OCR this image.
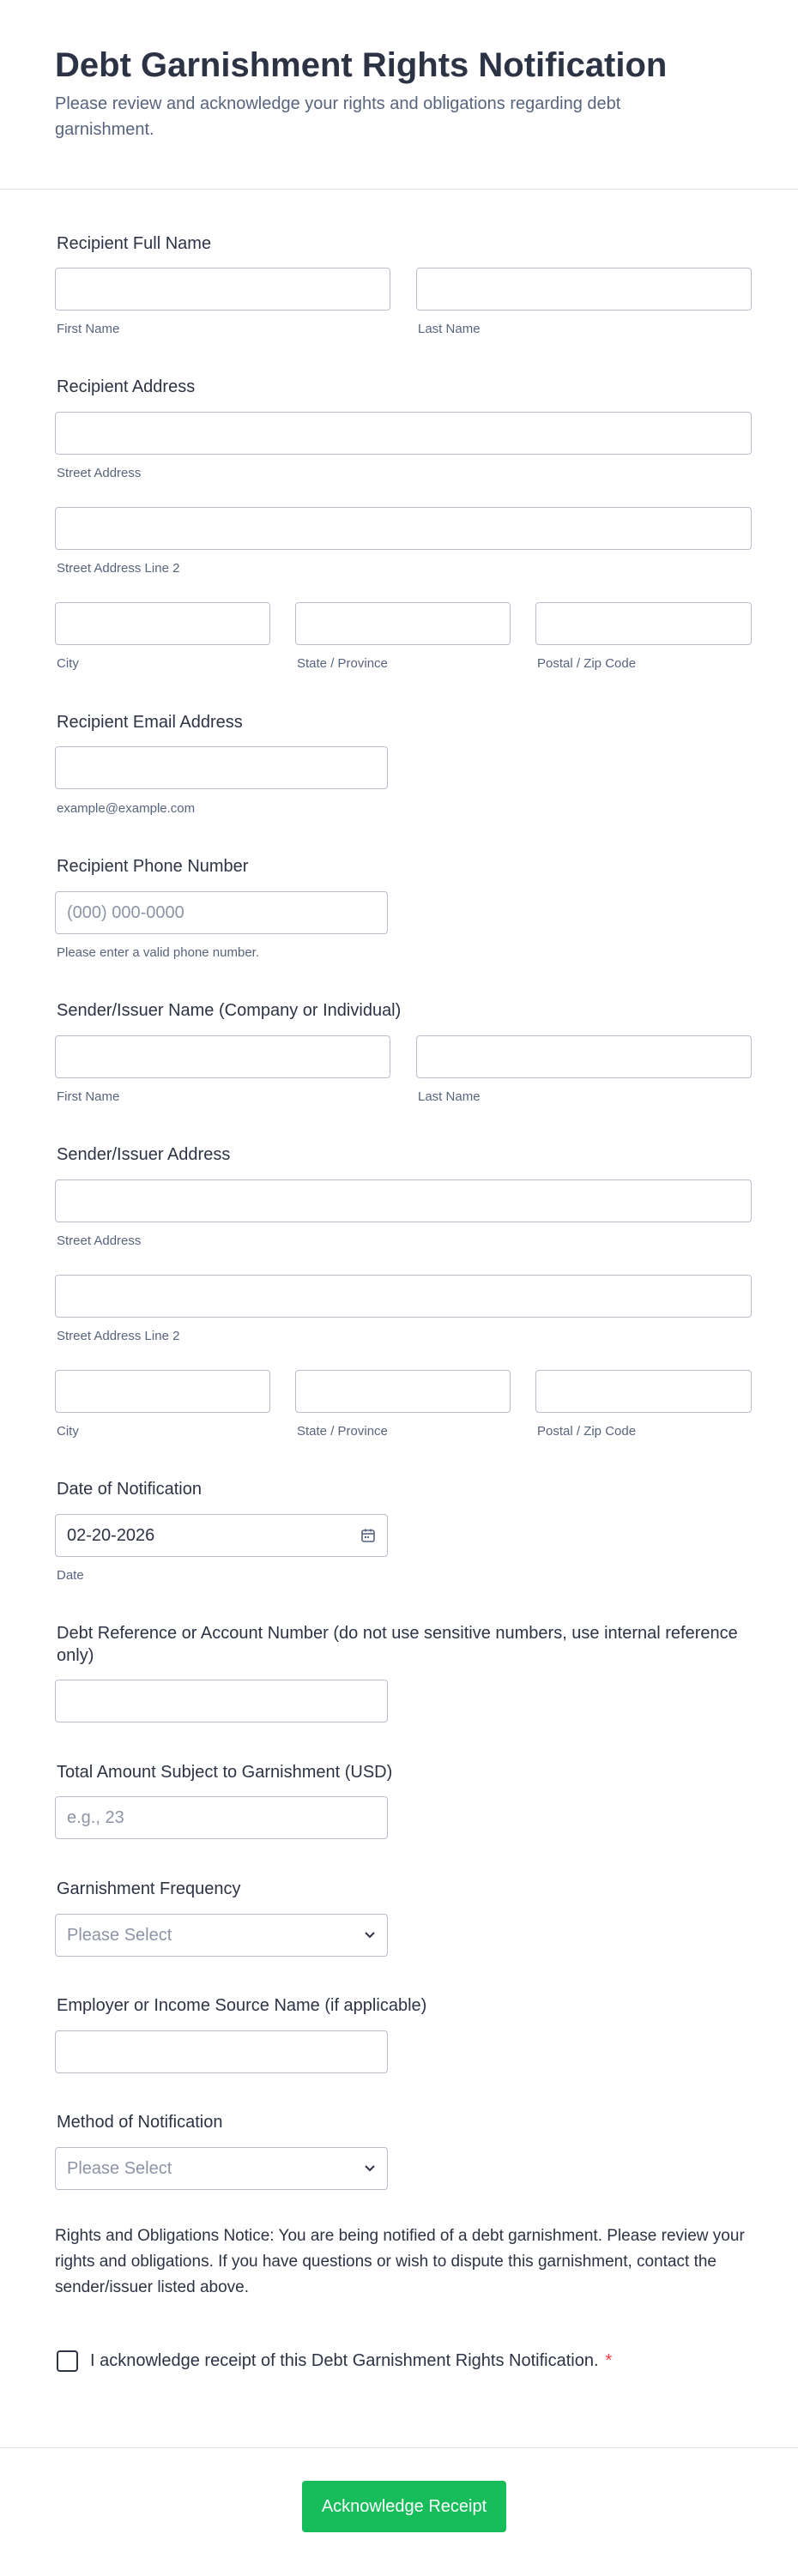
Debt Garnishment Rights Notification
Please review and acknowledge your rights and obligations regarding debt garnishment.
Recipient Full Name
First Name	Last Name
Recipient Address
Street Address
Street Address Line 2
City	State / Province	Postal / Zip Code
Recipient Email Address
example@example.com
Recipient Phone Number
(000) 000-0000
Please enter a valid phone number.
Sender/Issuer Name (Company or Individual)
First Name	Last Name
Sender/Issuer Address
Street Address
Street Address Line 2
City	State / Province	Postal / Zip Code
Date of Notification
02-20-2026
Date
Debt Reference or Account Number (do not use sensitive numbers, use internal reference only)
Total Amount Subject to Garnishment (USD)
e.g., 23
Garnishment Frequency
Please Select
Employer or Income Source Name (if applicable)
Method of Notification
Please Select
Rights and Obligations Notice: You are being notified of a debt garnishment. Please review your rights and obligations. If you have questions or wish to dispute this garnishment, contact the sender/issuer listed above.
I acknowledge receipt of this Debt Garnishment Rights Notification. *
Acknowledge Receipt
